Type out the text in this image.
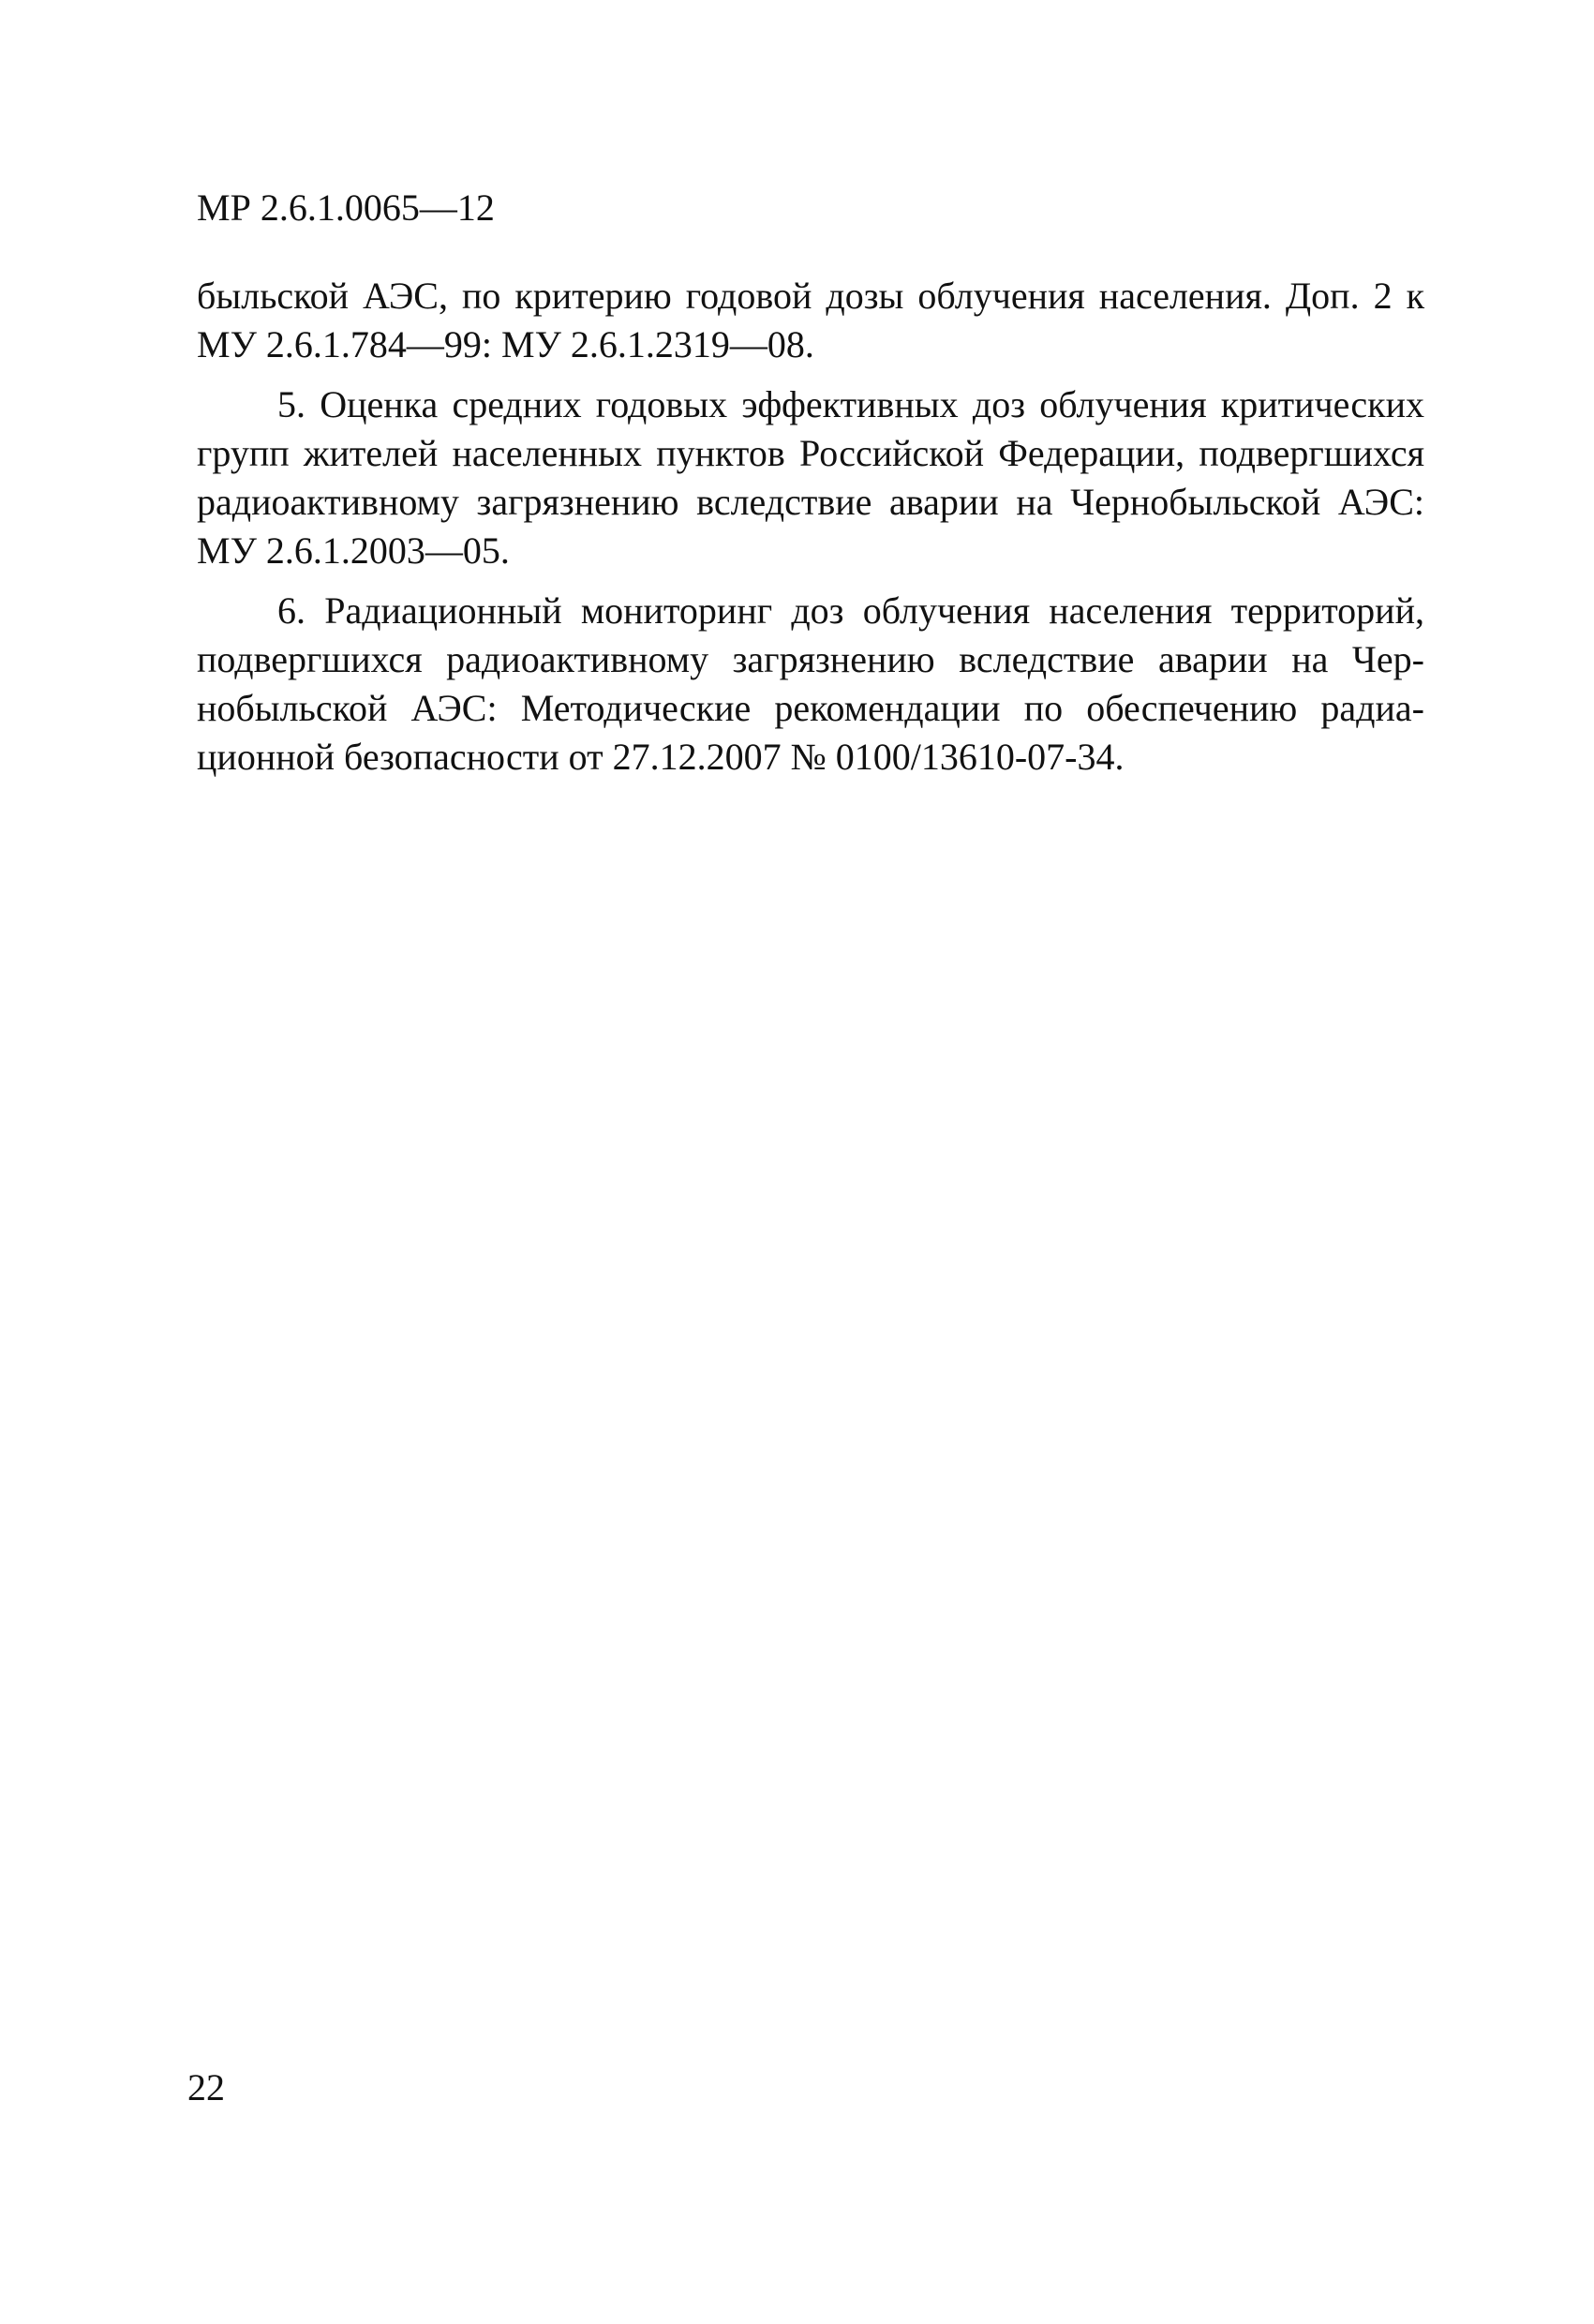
МР 2.6.1.0065—12

быльской АЭС, по критерию годовой дозы облучения населения. Доп. 2 к МУ 2.6.1.784—99: МУ 2.6.1.2319—08.

5. Оценка средних годовых эффективных доз облучения критических групп жителей населенных пунктов Российской Федерации, подвергшихся радиоактивному загрязнению вследствие аварии на Чернобыльской АЭС: МУ 2.6.1.2003—05.

6. Радиационный мониторинг доз облучения населения территорий, подвергшихся радиоактивному загрязнению вследствие аварии на Чернобыльской АЭС: Методические рекомендации по обеспечению радиационной безопасности от 27.12.2007 № 0100/13610-07-34.

22
